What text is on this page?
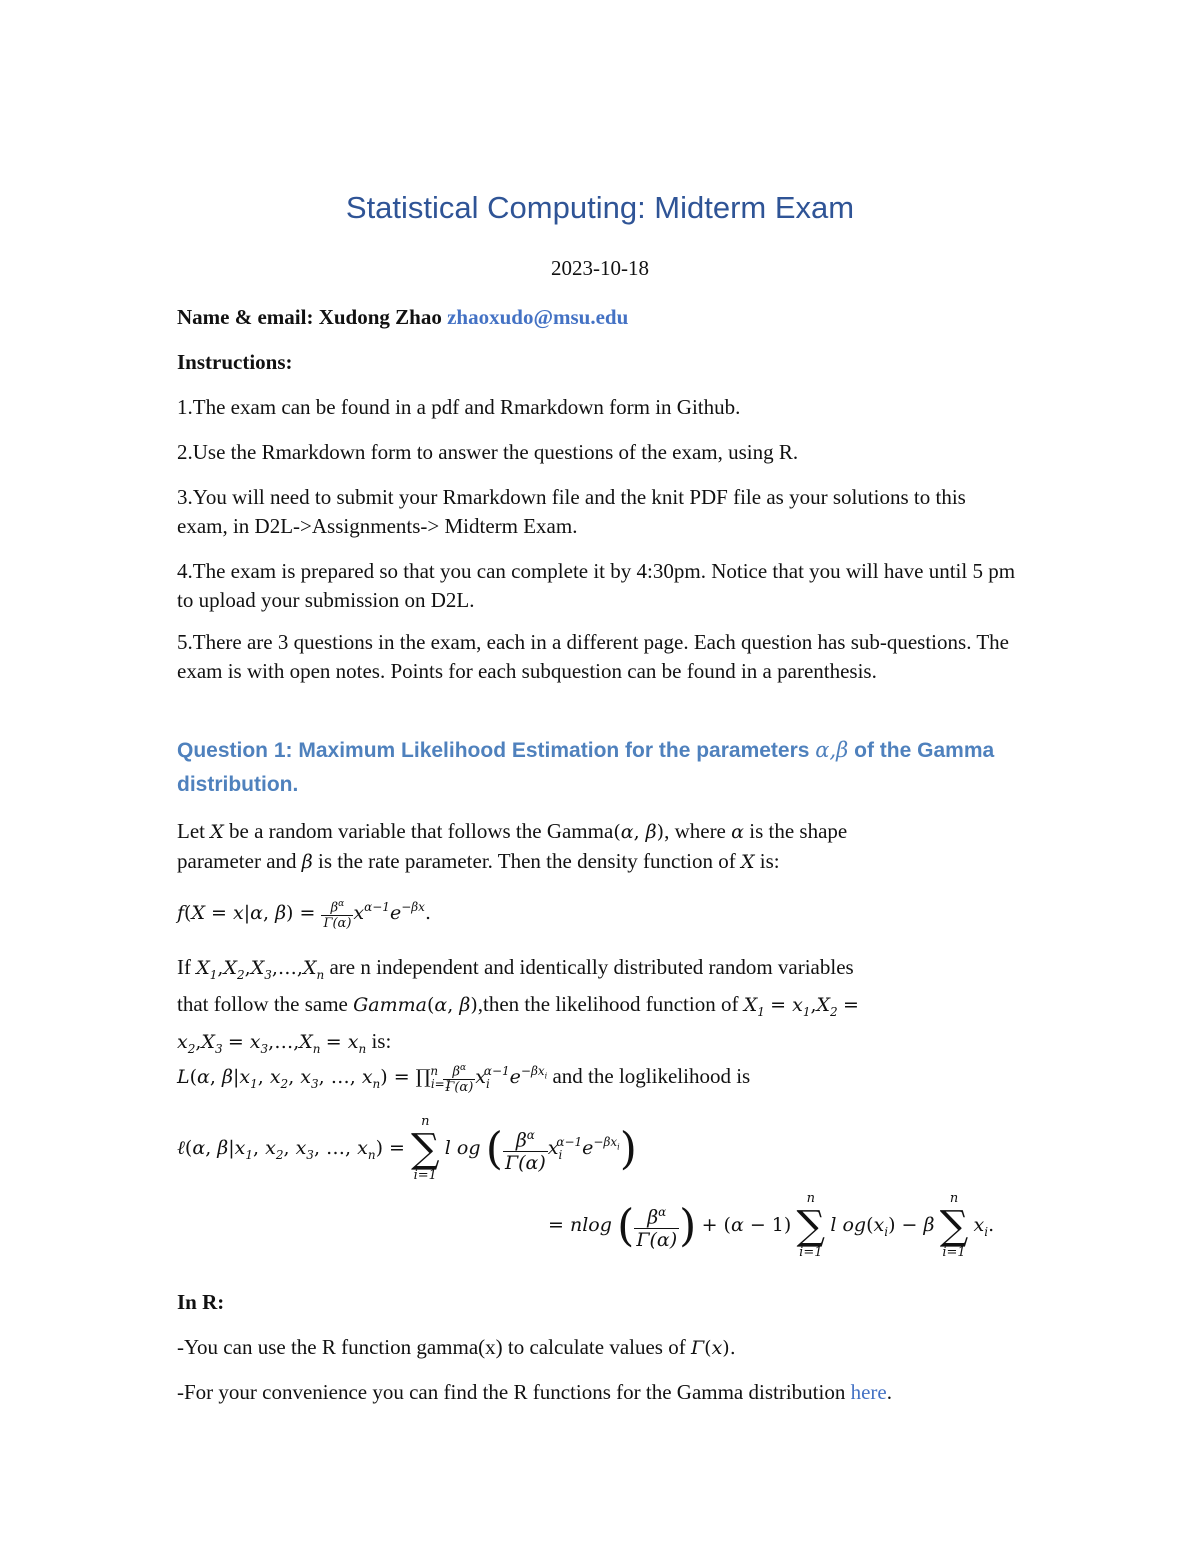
Statistical Computing: Midterm Exam
2023-10-18
Name & email: Xudong Zhao zhaoxudo@msu.edu
Instructions:
1.The exam can be found in a pdf and Rmarkdown form in Github.
2.Use the Rmarkdown form to answer the questions of the exam, using R.
3.You will need to submit your Rmarkdown file and the knit PDF file as your solutions to this exam, in D2L->Assignments-> Midterm Exam.
4.The exam is prepared so that you can complete it by 4:30pm. Notice that you will have until 5 pm to upload your submission on D2L.
5.There are 3 questions in the exam, each in a different page. Each question has sub-questions. The exam is with open notes. Points for each subquestion can be found in a parenthesis.
Question 1: Maximum Likelihood Estimation for the parameters α,β of the Gamma distribution.
Let X be a random variable that follows the Gamma(α, β), where α is the shape
parameter and β is the rate parameter. Then the density function of X is:
f(X = x|α, $\beta) = \frac{\beta^\alpha}{\Gamma(\alpha)} x^{\alpha-1}e^{-\beta x}$.
If $X_1,X_2,X_3,\dots,X_n$ are n independent and identically distributed random variables
that follow the same Gamma(α, β),then the likelihood function of $X_1 = x_1,X_2$ =
$x_2,X_3$ = $x_3,\dots,X_n = x_n$ is:
L(α, $\beta|x_1$, $x_2$, $x_3$, …, $x_n$) = $\prod_{i=1}^n \frac{\beta^\alpha}{\Gamma(\alpha)} x_i^{\alpha-1}e^{-\beta x_i}$ and the loglikelihood is
ℓ(α, $\beta|x_1$, $x_2$, $x_3$, …, $x_n$) =
n
∑
i=1
l og ( $\frac{\beta^\alpha}{\Gamma(\alpha)} x_i^{\alpha-1}e^{-\beta x_i}$)
= nlog ( $\frac{\beta^\alpha}{\Gamma(\alpha)}$ ) + (α − 1)
n
∑
i=1
l $og(x_i) - \beta$
n
∑
i=1
$x_i$.
In R:
-You can use the R function gamma(x) to calculate values of Γ(x).
-For your convenience you can find the R functions for the Gamma distribution here.
